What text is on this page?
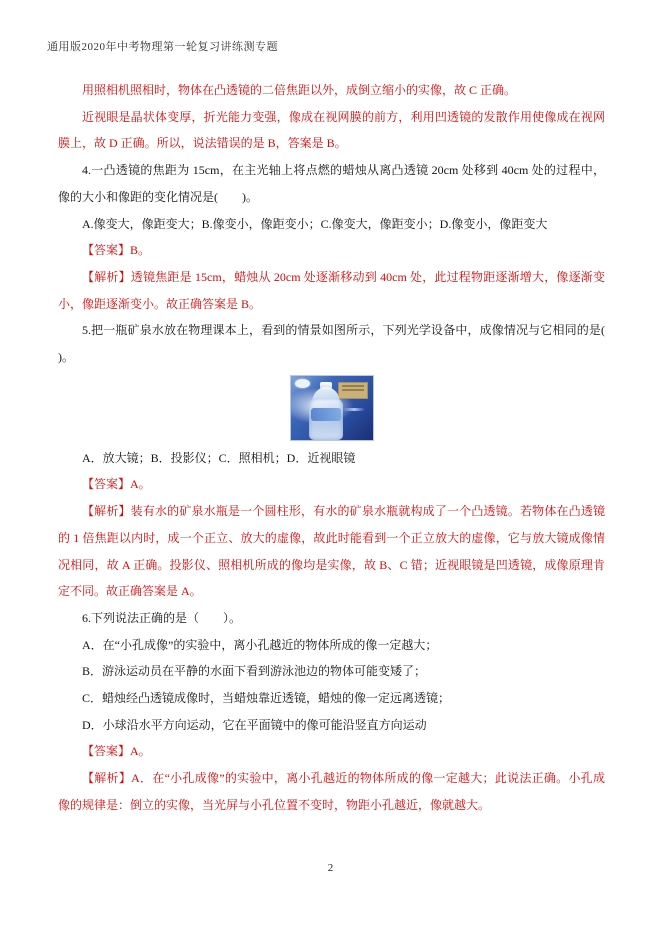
通用版2020年中考物理第一轮复习讲练测专题

用照相机照相时，物体在凸透镜的二倍焦距以外，成倒立缩小的实像，故 C 正确。

近视眼是晶状体变厚，折光能力变强，像成在视网膜的前方，利用凹透镜的发散作用使像成在视网膜上，故 D 正确。所以，说法错误的是 B，答案是 B。

4.一凸透镜的焦距为 15cm，在主光轴上将点燃的蜡烛从离凸透镜 20cm 处移到 40cm 处的过程中，像的大小和像距的变化情况是(　　)。

A.像变大，像距变大；B.像变小，像距变小；C.像变大，像距变小；D.像变小，像距变大

【答案】B。

【解析】透镜焦距是 15cm，蜡烛从 20cm 处逐渐移动到 40cm 处，此过程物距逐渐增大，像逐渐变小，像距逐渐变小。故正确答案是 B。

5.把一瓶矿泉水放在物理课本上，看到的情景如图所示，下列光学设备中，成像情况与它相同的是(　　)。

A．放大镜；B．投影仪；C．照相机；D．近视眼镜

【答案】A。

【解析】装有水的矿泉水瓶是一个圆柱形，有水的矿泉水瓶就构成了一个凸透镜。若物体在凸透镜的 1 倍焦距以内时，成一个正立、放大的虚像，故此时能看到一个正立放大的虚像，它与放大镜成像情况相同，故 A 正确。投影仪、照相机所成的像均是实像，故 B、C 错；近视眼镜是凹透镜，成像原理肯定不同。故正确答案是 A。

6.下列说法正确的是（　　）。

A．在“小孔成像”的实验中，离小孔越近的物体所成的像一定越大；

B．游泳运动员在平静的水面下看到游泳池边的物体可能变矮了；

C．蜡烛经凸透镜成像时，当蜡烛靠近透镜，蜡烛的像一定远离透镜；

D．小球沿水平方向运动，它在平面镜中的像可能沿竖直方向运动

【答案】A。

【解析】A．在“小孔成像”的实验中，离小孔越近的物体所成的像一定越大；此说法正确。小孔成像的规律是：倒立的实像，当光屏与小孔位置不变时，物距小孔越近，像就越大。

2
